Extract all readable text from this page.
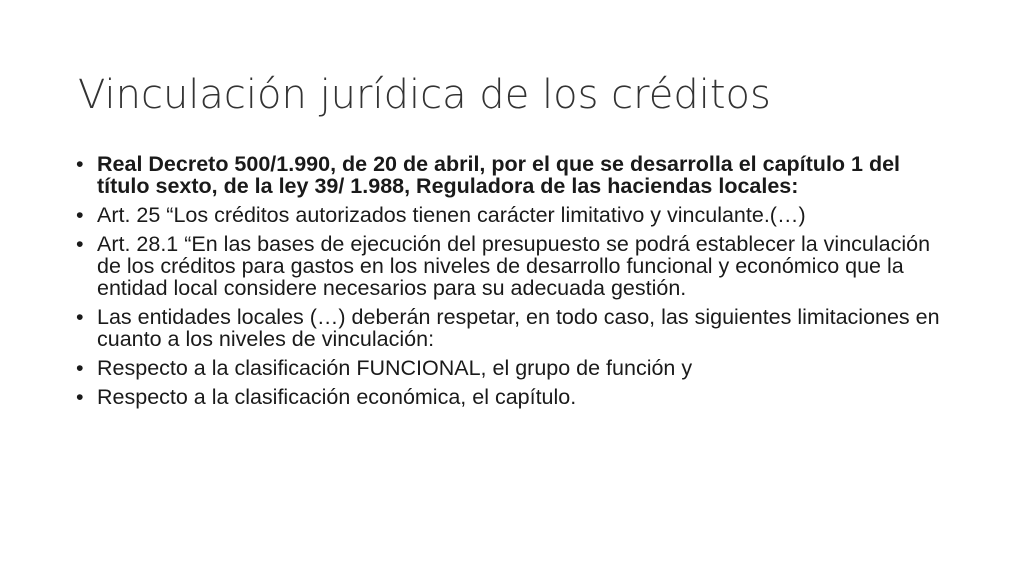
Vinculación jurídica de los créditos
• Real Decreto 500/1.990, de 20 de abril, por el que se desarrolla el capítulo 1 del título sexto, de la ley 39/ 1.988, Reguladora de las haciendas locales:
• Art. 25 “Los créditos autorizados tienen carácter limitativo y vinculante.(…)
• Art. 28.1 “En las bases de ejecución del presupuesto se podrá establecer la vinculación de los créditos para gastos en los niveles de desarrollo funcional y económico que la entidad local considere necesarios para su adecuada gestión.
• Las entidades locales (…) deberán respetar, en todo caso, las siguientes limitaciones en cuanto a los niveles de vinculación:
• Respecto a la clasificación FUNCIONAL, el grupo de función y
• Respecto a la clasificación económica, el capítulo.
